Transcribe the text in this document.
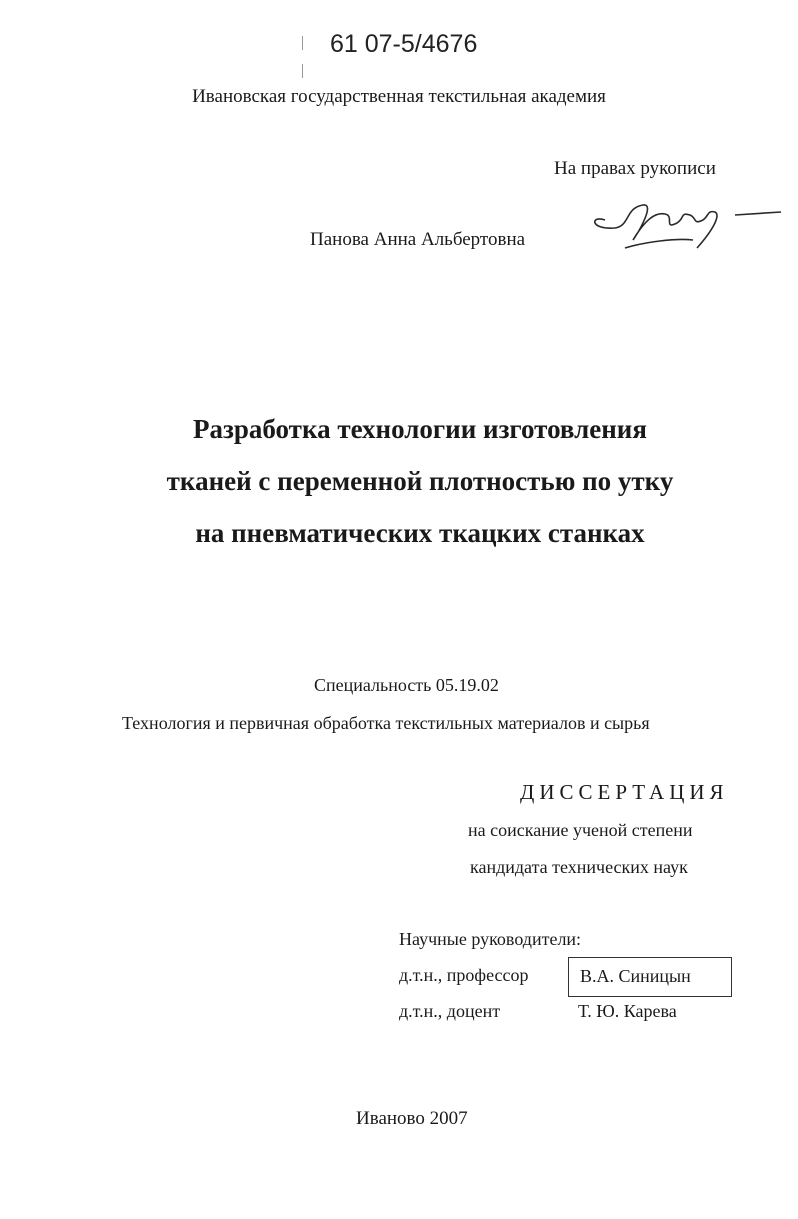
61 07-5/4676
Ивановская государственная текстильная академия
На правах рукописи
Панова Анна Альбертовна
Разработка технологии изготовления
тканей с переменной плотностью по утку
на пневматических ткацких станках
Специальность 05.19.02
Технология и первичная обработка текстильных материалов и сырья
ДИССЕРТАЦИЯ
на соискание ученой степени
кандидата технических наук
Научные руководители:
д.т.н., профессор	В.А. Синицын
д.т.н., доцент	Т. Ю. Карева
Иваново 2007
